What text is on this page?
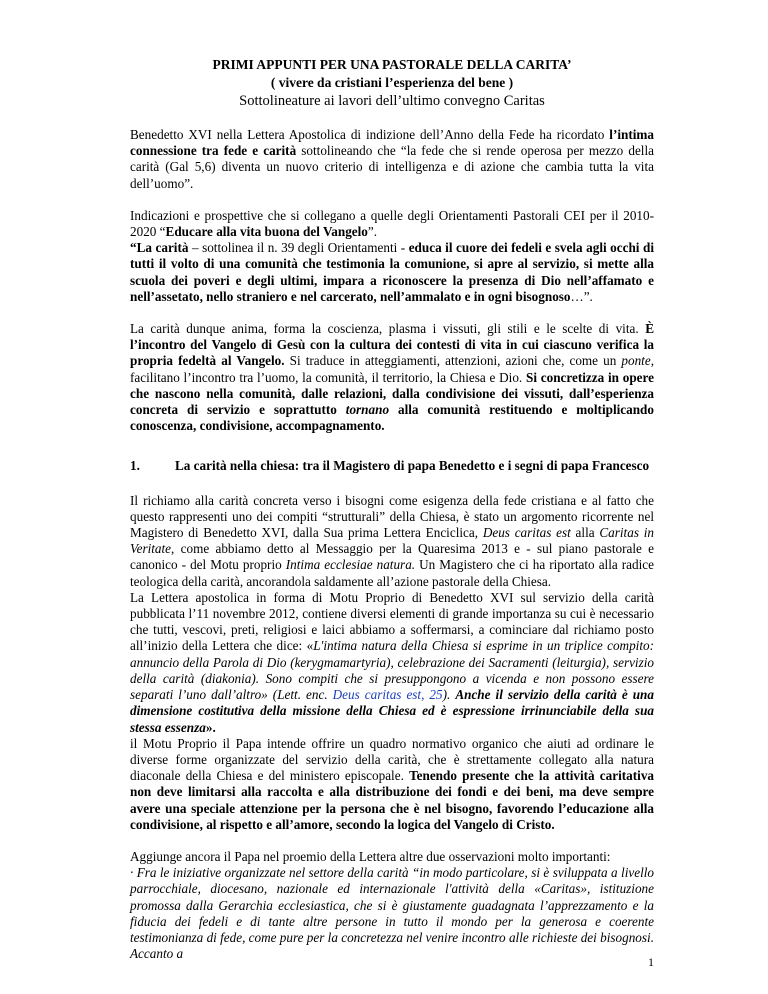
PRIMI APPUNTI PER UNA PASTORALE DELLA CARITA’
( vivere da cristiani l’esperienza del bene )
Sottolineature ai lavori dell’ultimo convegno Caritas

Benedetto XVI nella Lettera Apostolica di indizione dell’Anno della Fede ha ricordato l’intima connessione tra fede e carità sottolineando che “la fede che si rende operosa per mezzo della carità (Gal 5,6) diventa un nuovo criterio di intelligenza e di azione che cambia tutta la vita dell’uomo”.

Indicazioni e prospettive che si collegano a quelle degli Orientamenti Pastorali CEI per il 2010-2020 “Educare alla vita buona del Vangelo”.

“La carità – sottolinea il n. 39 degli Orientamenti - educa il cuore dei fedeli e svela agli occhi di tutti il volto di una comunità che testimonia la comunione, si apre al servizio, si mette alla scuola dei poveri e degli ultimi, impara a riconoscere la presenza di Dio nell’affamato e nell’assetato, nello straniero e nel carcerato, nell’ammalato e in ogni bisognoso…”.

La carità dunque anima, forma la coscienza, plasma i vissuti, gli stili e le scelte di vita. È l’incontro del Vangelo di Gesù con la cultura dei contesti di vita in cui ciascuno verifica la propria fedeltà al Vangelo. Si traduce in atteggiamenti, attenzioni, azioni che, come un ponte, facilitano l’incontro tra l’uomo, la comunità, il territorio, la Chiesa e Dio. Si concretizza in opere che nascono nella comunità, dalle relazioni, dalla condivisione dei vissuti, dall’esperienza concreta di servizio e soprattutto tornano alla comunità restituendo e moltiplicando conoscenza, condivisione, accompagnamento.

1.	La carità nella chiesa: tra il Magistero di papa Benedetto e i segni di papa Francesco

Il richiamo alla carità concreta verso i bisogni come esigenza della fede cristiana e al fatto che questo rappresenti uno dei compiti “strutturali” della Chiesa, è stato un argomento ricorrente nel Magistero di Benedetto XVI, dalla Sua prima Lettera Enciclica, Deus caritas est alla Caritas in Veritate, come abbiamo detto al Messaggio per la Quaresima 2013 e - sul piano pastorale e canonico - del Motu proprio Intima ecclesiae natura. Un Magistero che ci ha riportato alla radice teologica della carità, ancorandola saldamente all’azione pastorale della Chiesa.

La Lettera apostolica in forma di Motu Proprio di Benedetto XVI sul servizio della carità pubblicata l’11 novembre 2012, contiene diversi elementi di grande importanza su cui è necessario che tutti, vescovi, preti, religiosi e laici abbiamo a soffermarsi, a cominciare dal richiamo posto all’inizio della Lettera che dice: «L'intima natura della Chiesa si esprime in un triplice compito: annuncio della Parola di Dio (kerygmamartyria), celebrazione dei Sacramenti (leiturgia), servizio della carità (diakonia). Sono compiti che si presuppongono a vicenda e non possono essere separati l’uno dall’altro» (Lett. enc. Deus caritas est, 25). Anche il servizio della carità è una dimensione costitutiva della missione della Chiesa ed è espressione irrinunciabile della sua stessa essenza».

il Motu Proprio il Papa intende offrire un quadro normativo organico che aiuti ad ordinare le diverse forme organizzate del servizio della carità, che è strettamente collegato alla natura diaconale della Chiesa e del ministero episcopale. Tenendo presente che la attività caritativa non deve limitarsi alla raccolta e alla distribuzione dei fondi e dei beni, ma deve sempre avere una speciale attenzione per la persona che è nel bisogno, favorendo l’educazione alla condivisione, al rispetto e all’amore, secondo la logica del Vangelo di Cristo.

Aggiunge ancora il Papa nel proemio della Lettera altre due osservazioni molto importanti:

· Fra le iniziative organizzate nel settore della carità “in modo particolare, si è sviluppata a livello parrocchiale, diocesano, nazionale ed internazionale l'attività della «Caritas», istituzione promossa dalla Gerarchia ecclesiastica, che si è giustamente guadagnata l’apprezzamento e la fiducia dei fedeli e di tante altre persone in tutto il mondo per la generosa e coerente testimonianza di fede, come pure per la concretezza nel venire incontro alle richieste dei bisognosi. Accanto a

1
